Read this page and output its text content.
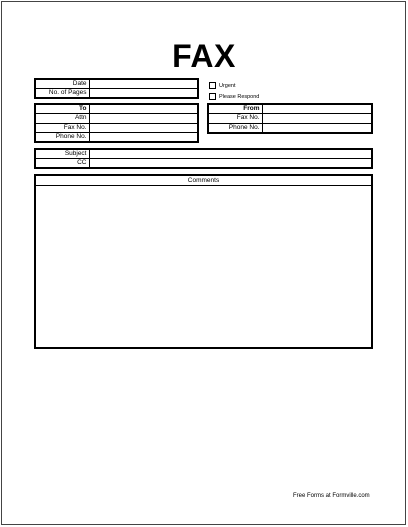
FAX
Date	
No. of Pages	
Urgent
Please Respond
To	
Attn	
Fax No.	
Phone No.	
From	
Fax No.	
Phone No.	
Subject	
CC	
Comments
Free Forms at Formville.com
